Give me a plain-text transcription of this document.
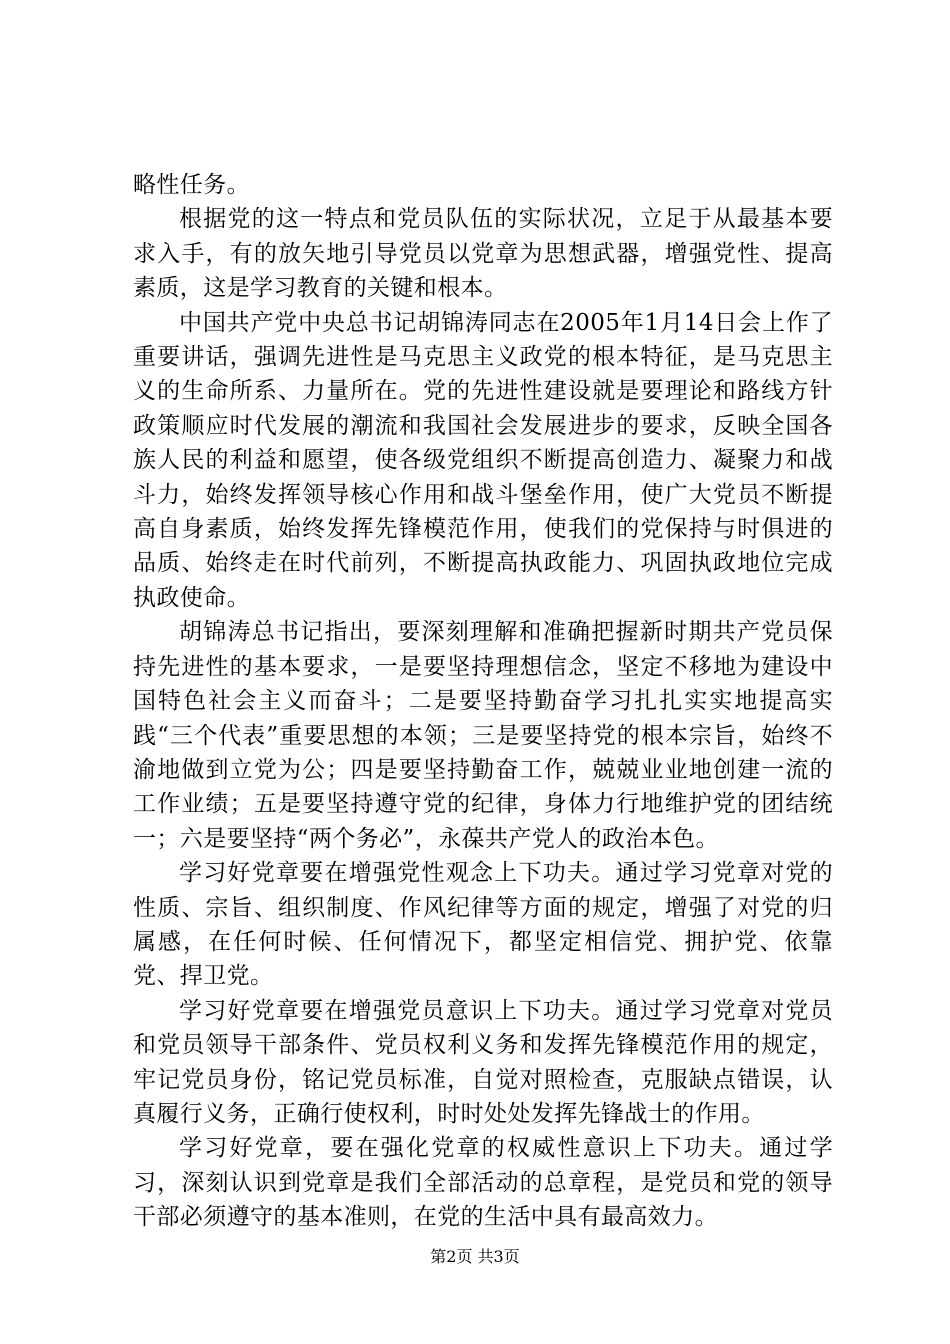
略性任务。

根据党的这一特点和党员队伍的实际状况，立足于从最基本要求入手，有的放矢地引导党员以党章为思想武器，增强党性、提高素质，这是学习教育的关键和根本。

中国共产党中央总书记胡锦涛同志在2005年1月14日会上作了重要讲话，强调先进性是马克思主义政党的根本特征，是马克思主义的生命所系、力量所在。党的先进性建设就是要理论和路线方针政策顺应时代发展的潮流和我国社会发展进步的要求，反映全国各族人民的利益和愿望，使各级党组织不断提高创造力、凝聚力和战斗力，始终发挥领导核心作用和战斗堡垒作用，使广大党员不断提高自身素质，始终发挥先锋模范作用，使我们的党保持与时俱进的品质、始终走在时代前列，不断提高执政能力、巩固执政地位完成执政使命。

胡锦涛总书记指出，要深刻理解和准确把握新时期共产党员保持先进性的基本要求，一是要坚持理想信念，坚定不移地为建设中国特色社会主义而奋斗；二是要坚持勤奋学习扎扎实实地提高实践“三个代表”重要思想的本领；三是要坚持党的根本宗旨，始终不渝地做到立党为公；四是要坚持勤奋工作，兢兢业业地创建一流的工作业绩；五是要坚持遵守党的纪律，身体力行地维护党的团结统一；六是要坚持“两个务必”，永葆共产党人的政治本色。

学习好党章要在增强党性观念上下功夫。通过学习党章对党的性质、宗旨、组织制度、作风纪律等方面的规定，增强了对党的归属感，在任何时候、任何情况下，都坚定相信党、拥护党、依靠党、捍卫党。

学习好党章要在增强党员意识上下功夫。通过学习党章对党员和党员领导干部条件、党员权利义务和发挥先锋模范作用的规定，牢记党员身份，铭记党员标准，自觉对照检查，克服缺点错误，认真履行义务，正确行使权利，时时处处发挥先锋战士的作用。

学习好党章，要在强化党章的权威性意识上下功夫。通过学习，深刻认识到党章是我们全部活动的总章程，是党员和党的领导干部必须遵守的基本准则，在党的生活中具有最高效力。

第2页 共3页
